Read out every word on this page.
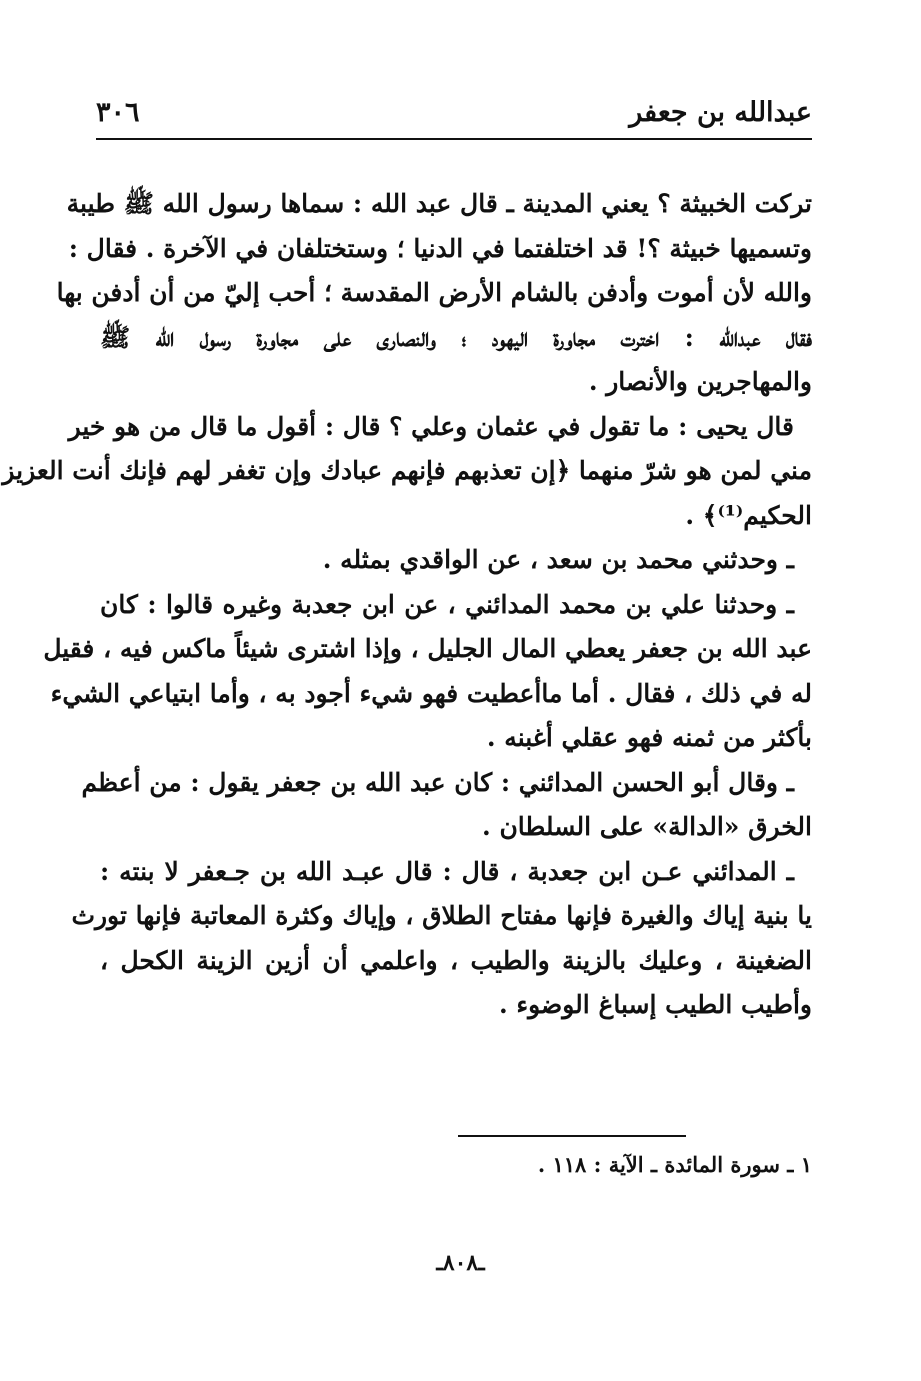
عبدالله بن جعفر
٣٠٦
تركت الخبيثة ؟ يعني المدينة ـ قال عبد الله : سماها رسول الله ﷺ طيبة
وتسميها خبيثة ؟! قد اختلفتما في الدنيا ؛ وستختلفان في الآخرة . فقال :
والله لأن أموت وأدفن بالشام الأرض المقدسة ؛ أحب إليّ من أن أدفن بها
فقال عبدالله : اخترت مجاورة اليهود ؛ والنصارى على مجاورة رسول الله ﷺ
والمهاجرين والأنصار .
قال يحيى : ما تقول في عثمان وعلي ؟ قال : أقول ما قال من هو خير
مني لمن هو شرّ منهما ﴿إن تعذبهم فإنهم عبادك وإن تغفر لهم فإنك أنت العزيز
الحكيم⁽¹⁾﴾ .
ـ وحدثني محمد بن سعد ، عن الواقدي بمثله .
ـ وحدثنا علي بن محمد المدائني ، عن ابن جعدبة وغيره قالوا : كان
عبد الله بن جعفر يعطي المال الجليل ، وإذا اشترى شيئاً ماكس فيه ، فقيل
له في ذلك ، فقال . أما ماأعطيت فهو شيء أجود به ، وأما ابتياعي الشيء
بأكثر من ثمنه فهو عقلي أغبنه .
ـ وقال أبو الحسن المدائني : كان عبد الله بن جعفر يقول : من أعظم
الخرق «الدالة» على السلطان .
ـ المدائني عـن ابن جعدبة ، قال : قال عبـد الله بن جـعفر لا بنته :
يا بنية إياك والغيرة فإنها مفتاح الطلاق ، وإياك وكثرة المعاتبة فإنها تورث
الضغينة ، وعليك بالزينة والطيب ، واعلمي أن أزين الزينة الكحل ،
وأطيب الطيب إسباغ الوضوء .
١ ـ سورة المائدة ـ الآية : ١١٨ .
ـ٨٠٨ـ
